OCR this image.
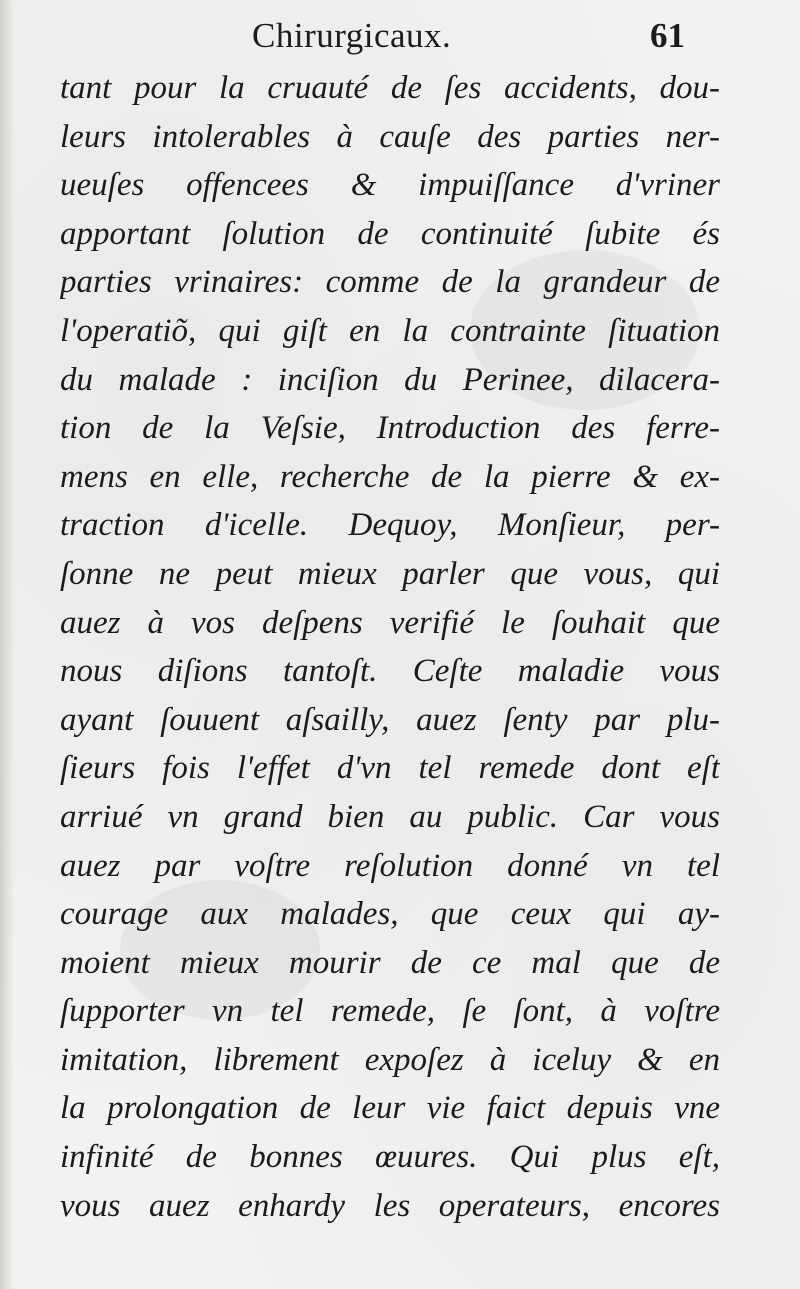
Chirurgicaux.	61
tant pour la cruauté de ſes accidents, dou-
leurs intolerables à cauſe des parties ner-
ueuſes offencees & impuiſſance d'vriner
apportant ſolution de continuité ſubite és
parties vrinaires: comme de la grandeur de
l'operatiõ, qui giſt en la contrainte ſituation
du malade : inciſion du Perinee, dilacera-
tion de la Veſsie, Introduction des ferre-
mens en elle, recherche de la pierre & ex-
traction d'icelle. Dequoy, Monſieur, per-
ſonne ne peut mieux parler que vous, qui
auez à vos deſpens verifié le ſouhait que
nous diſions tantoſt. Ceſte maladie vous
ayant ſouuent aſsailly, auez ſenty par plu-
ſieurs fois l'effet d'vn tel remede dont eſt
arriué vn grand bien au public. Car vous
auez par voſtre reſolution donné vn tel
courage aux malades, que ceux qui ay-
moient mieux mourir de ce mal que de
ſupporter vn tel remede, ſe ſont, à voſtre
imitation, librement expoſez à iceluy & en
la prolongation de leur vie faict depuis vne
infinité de bonnes œuures. Qui plus eſt,
vous auez enhardy les operateurs, encores
